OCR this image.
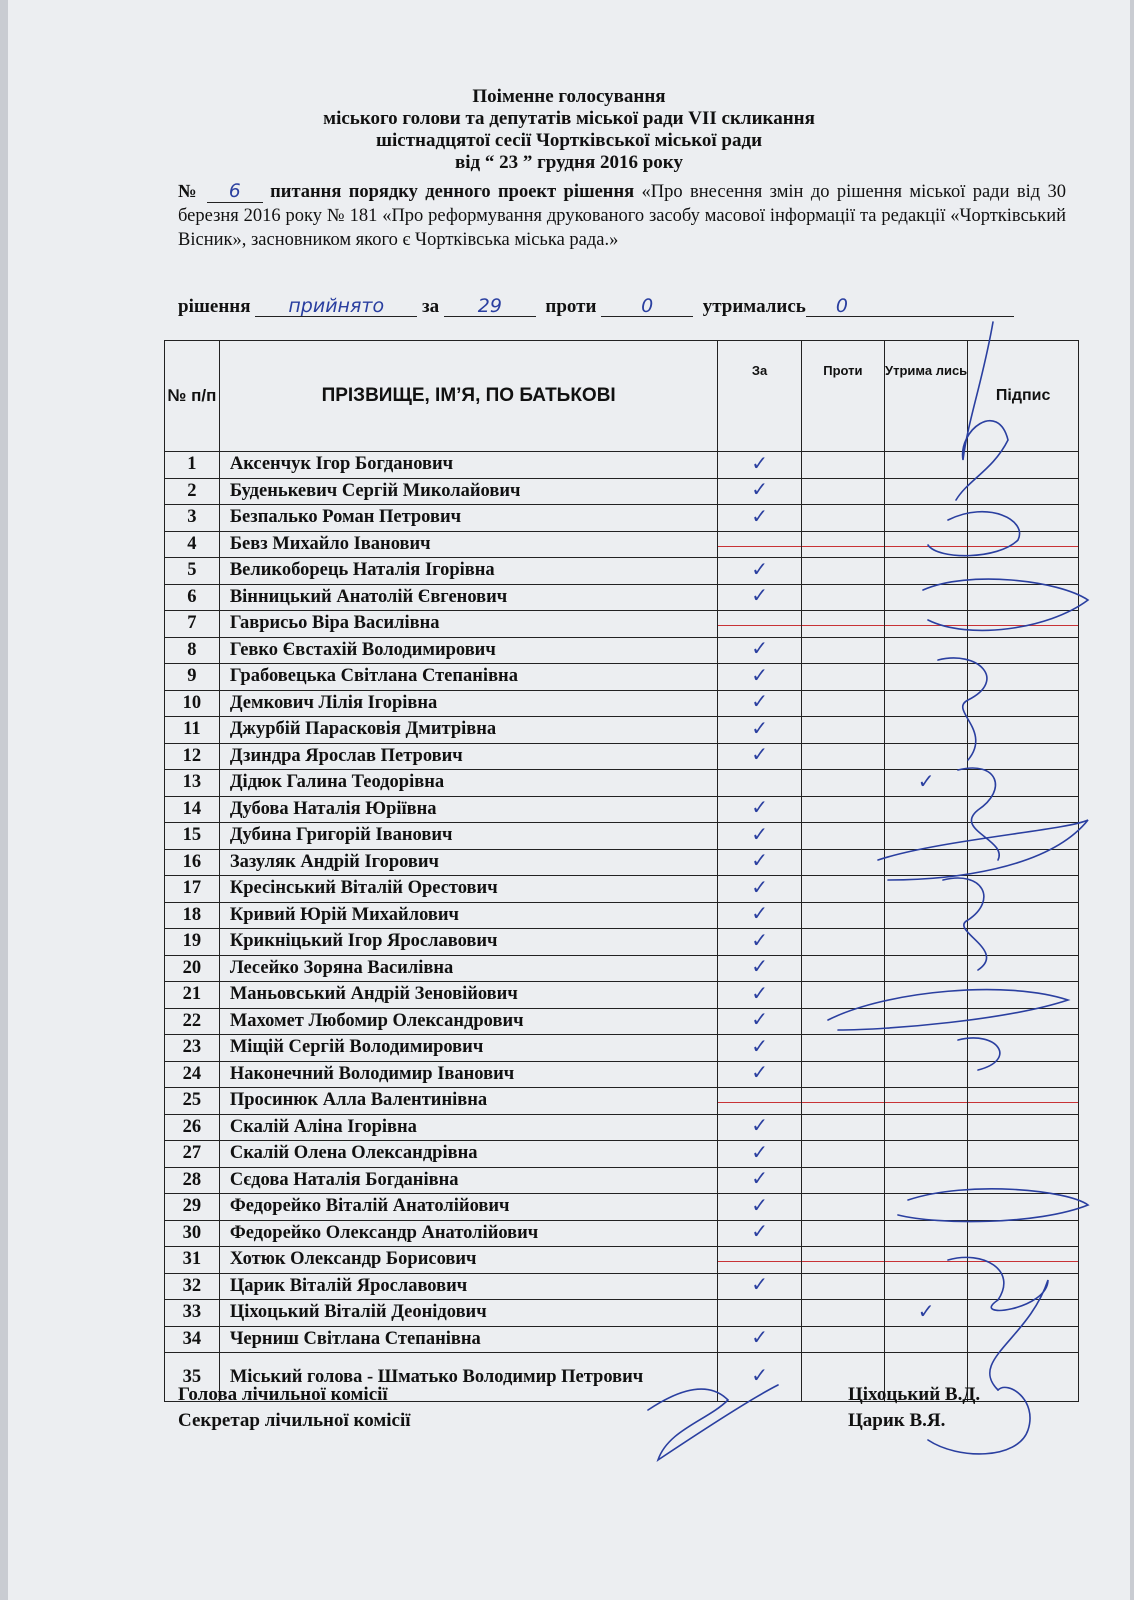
Поіменне голосування
міського голови та депутатів міської ради VII скликання
шістнадцятої сесії Чортківської міської ради
від “ 23 ” грудня 2016 року
№ 6 питання порядку денного проект рішення «Про внесення змін до рішення міської ради від 30 березня 2016 року № 181 «Про реформування друкованого засобу масової інформації та редакції «Чортківський Вісник», засновником якого є Чортківська міська рада.»
рішення прийнято за 29 проти 0	утримались 0
№ п/п	ПРІЗВИЩЕ, ІМ’Я, ПО БАТЬКОВІ	За	Проти	Утрима лись	Підпис
1	Аксенчук Ігор Богданович	✓			
2	Буденькевич Сергій Миколайович	✓			
3	Безпалько Роман Петрович	✓			
4	Бевз Михайло Іванович	

5	Великоборець Наталія Ігорівна	✓			
6	Вінницький Анатолій Євгенович	✓			
7	Гаврисьо Віра Василівна	

8	Гевко Євстахій Володимирович	✓			
9	Грабовецька Світлана Степанівна	✓			
10	Демкович Лілія Ігорівна	✓			
11	Джурбій Парасковія Дмитрівна	✓			
12	Дзиндра Ярослав Петрович	✓			
13	Дідюк Галина Теодорівна			✓	
14	Дубова Наталія Юріївна	✓			
15	Дубина Григорій Іванович	✓			
16	Зазуляк Андрій Ігорович	✓			
17	Кресінський Віталій Орестович	✓			
18	Кривий Юрій Михайлович	✓			
19	Крикніцький Ігор Ярославович	✓			
20	Лесейко Зоряна Василівна	✓			
21	Маньовський Андрій Зеновійович	✓			
22	Махомет Любомир Олександрович	✓			
23	Міщій Сергій Володимирович	✓			
24	Наконечний Володимир Іванович	✓			
25	Просинюк Алла Валентинівна	

26	Скалій Аліна Ігорівна	✓			
27	Скалій Олена Олександрівна	✓			
28	Сєдова Наталія Богданівна	✓			
29	Федорейко Віталій Анатолійович	✓			
30	Федорейко Олександр Анатолійович	✓			
31	Хотюк Олександр Борисович	

32	Царик Віталій Ярославович	✓			
33	Ціхоцький Віталій Деонідович			✓	
34	Черниш Світлана Степанівна	✓			
35	Міський голова - Шматько Володимир Петрович	✓			
Голова лічильної комісії
Секретар лічильної комісії
Ціхоцький В.Д.
Царик В.Я.
